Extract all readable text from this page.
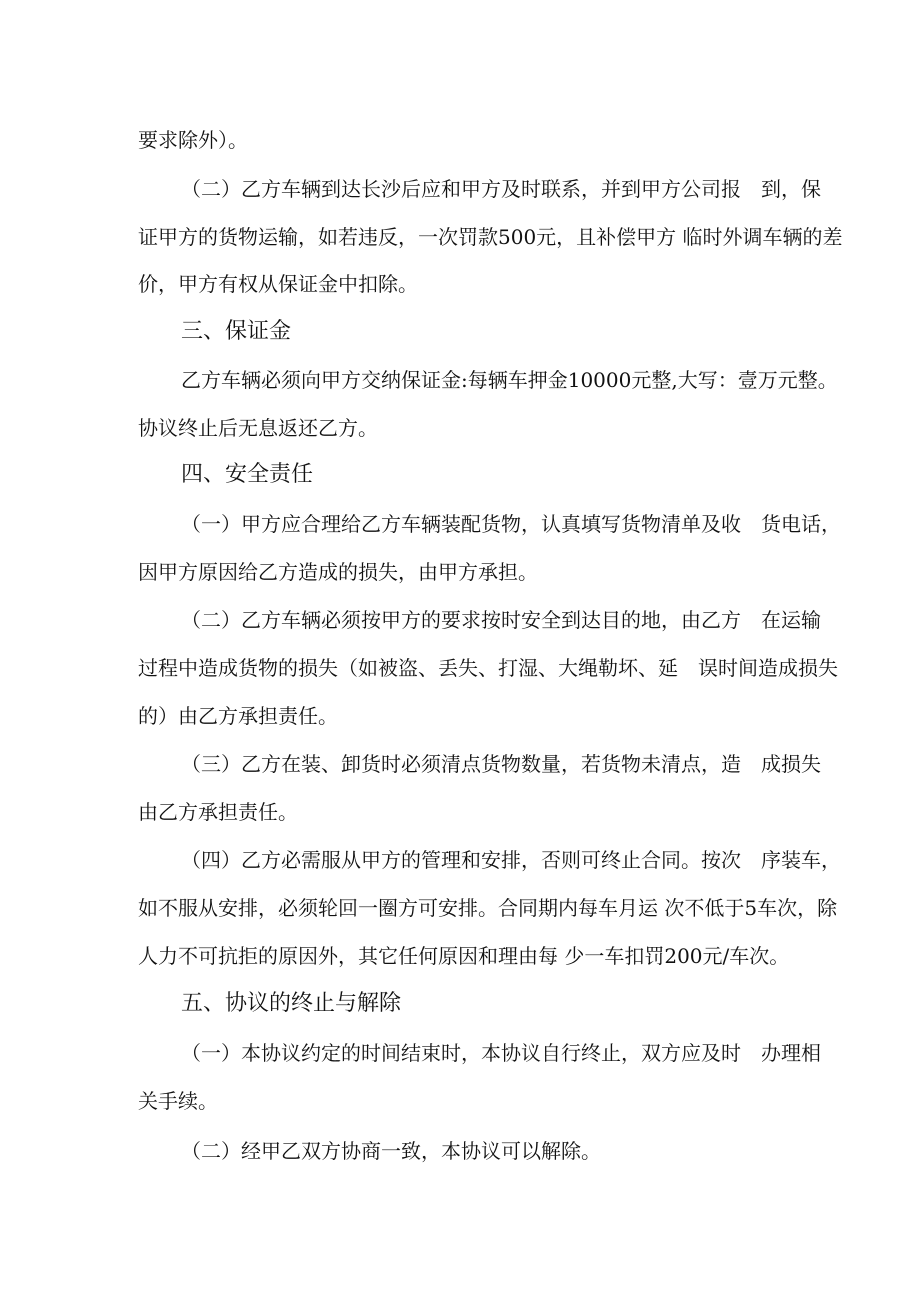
要求除外）。

（二）乙方车辆到达长沙后应和甲方及时联系，并到甲方公司报　到，保

证甲方的货物运输，如若违反，一次罚款500元，且补偿甲方 临时外调车辆的差

价，甲方有权从保证金中扣除。

三、保证金

乙方车辆必须向甲方交纳保证金:每辆车押金10000元整,大写：壹万元整。

协议终止后无息返还乙方。

四、安全责任

（一）甲方应合理给乙方车辆装配货物，认真填写货物清单及收　货电话，

因甲方原因给乙方造成的损失，由甲方承担。

（二）乙方车辆必须按甲方的要求按时安全到达目的地，由乙方　在运输

过程中造成货物的损失（如被盗、丢失、打湿、大绳勒坏、延　误时间造成损失

的）由乙方承担责任。

（三）乙方在装、卸货时必须清点货物数量，若货物未清点，造　成损失

由乙方承担责任。

（四）乙方必需服从甲方的管理和安排，否则可终止合同。按次　序装车，

如不服从安排，必须轮回一圈方可安排。合同期内每车月运 次不低于5车次，除

人力不可抗拒的原因外，其它任何原因和理由每 少一车扣罚200元/车次。

五、协议的终止与解除

（一）本协议约定的时间结束时，本协议自行终止，双方应及时　办理相

关手续。

（二）经甲乙双方协商一致，本协议可以解除。
